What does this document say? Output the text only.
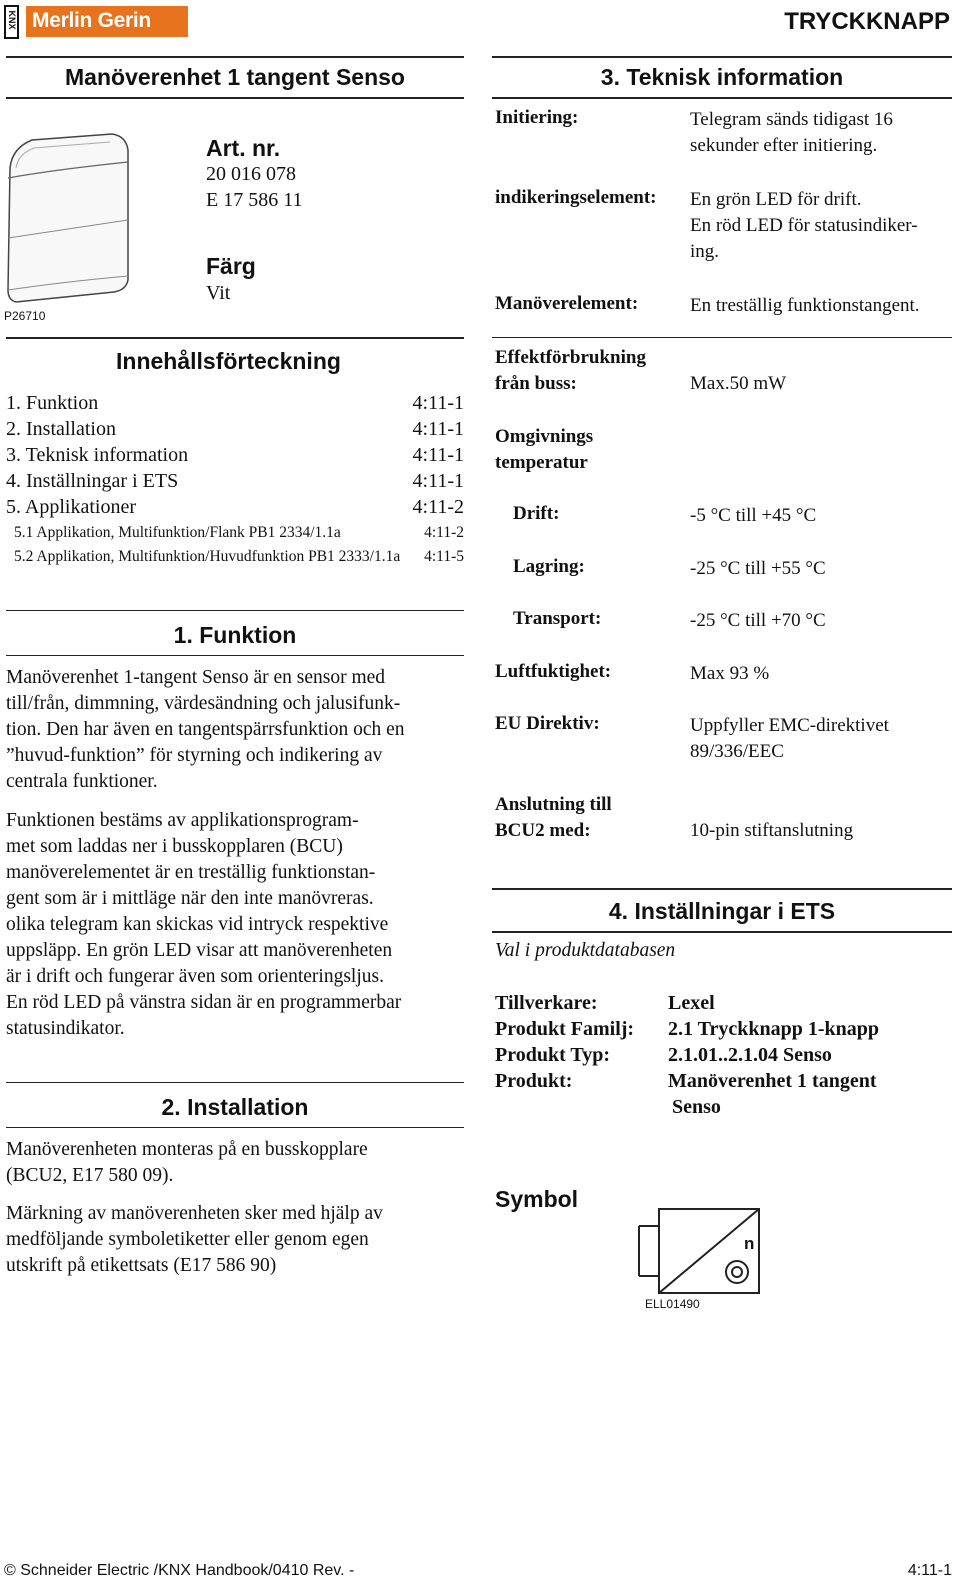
KNX Merlin Gerin	TRYCKKNAPP
Manöverenhet 1 tangent Senso
P26710
Art. nr.
20 016 078
E 17 586 11
Färg
Vit
Innehållsförteckning
1. Funktion	4:11-1
2. Installation	4:11-1
3. Teknisk information	4:11-1
4. Inställningar i ETS	4:11-1
5. Applikationer	4:11-2
5.1 Applikation, Multifunktion/Flank PB1 2334/1.1a	4:11-2
5.2 Applikation, Multifunktion/Huvudfunktion PB1 2333/1.1a 4:11-5
1. Funktion
Manöverenhet 1-tangent Senso är en sensor med
till/från, dimmning, värdesändning och jalusifunk-
tion. Den har även en tangentspärrsfunktion och en
”huvud-funktion” för styrning och indikering av
centrala funktioner.
Funktionen bestäms av applikationsprogram-
met som laddas ner i busskopplaren (BCU)
manöverelementet är en treställig funktionstan-
gent som är i mittläge när den inte manövreras.
olika telegram kan skickas vid intryck respektive
uppsläpp. En grön LED visar att manöverenheten
är i drift och fungerar även som orienteringsljus.
En röd LED på vänstra sidan är en programmerbar
statusindikator.
2. Installation
Manöverenheten monteras på en busskopplare
(BCU2, E17 580 09).
Märkning av manöverenheten sker med hjälp av
medföljande symboletiketter eller genom egen
utskrift på etikettsats (E17 586 90)
3. Teknisk information
Initiering:	Telegram sänds tidigast 16
sekunder efter initiering.
indikeringselement: En grön LED för drift.
En röd LED för statusindiker-
ing.
Manöverelement:	En treställig funktionstangent.
Effektförbrukning
från buss:	Max.50 mW
Omgivnings
temperatur
Drift:	-5 °C till +45 °C
Lagring:	-25 °C till +55 °C
Transport:	-25 °C till +70 °C
Luftfuktighet:	Max 93 %
EU Direktiv:	Uppfyller EMC-direktivet
89/336/EEC
Anslutning till
BCU2 med:	10-pin stiftanslutning
4. Inställningar i ETS
Val i produktdatabasen
Tillverkare:	Lexel
Produkt Familj: 2.1 Tryckknapp 1-knapp
Produkt Typ:	2.1.01..2.1.04 Senso
Produkt:	Manöverenhet 1 tangent
Senso
Symbol
n
ELL01490
© Schneider Electric /KNX Handbook/0410 Rev. -	4:11-1
